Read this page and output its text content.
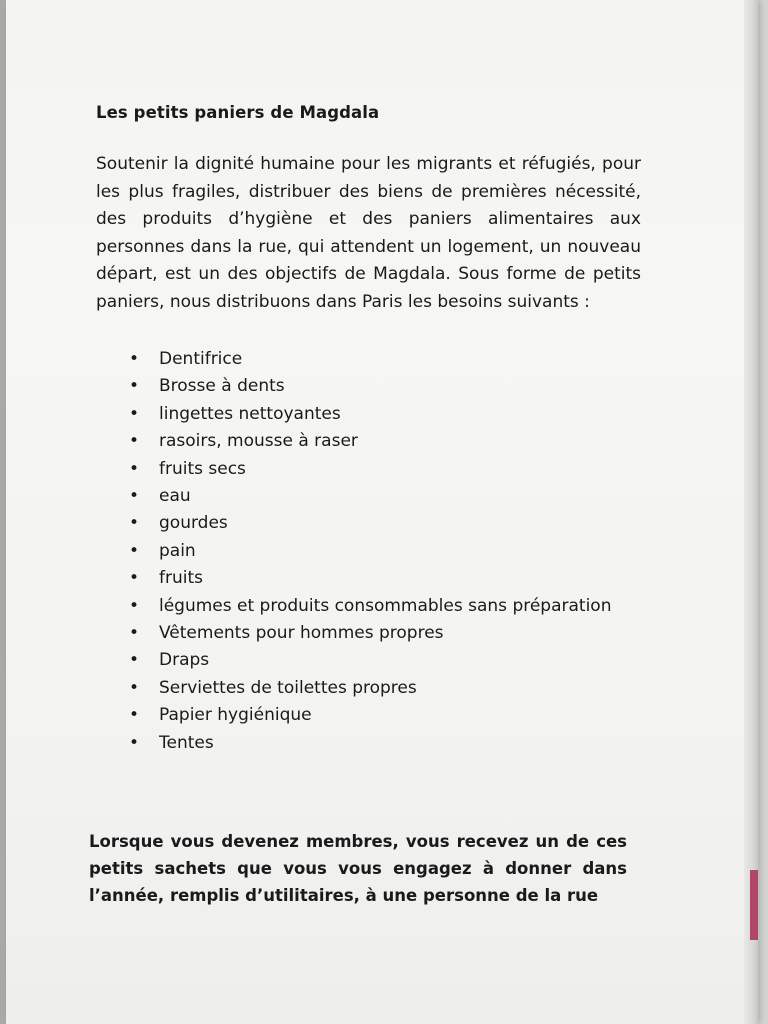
Les petits paniers de Magdala

Soutenir la dignité humaine pour les migrants et réfugiés, pour les plus fragiles, distribuer des biens de premières nécessité, des produits d’hygiène et des paniers alimentaires aux personnes dans la rue, qui attendent un logement, un nouveau départ, est un des objectifs de Magdala. Sous forme de petits paniers, nous distribuons dans Paris les besoins suivants :

• Dentifrice
• Brosse à dents
• lingettes nettoyantes
• rasoirs, mousse à raser
• fruits secs
• eau
• gourdes
• pain
• fruits
• légumes et produits consommables sans préparation
• Vêtements pour hommes propres
• Draps
• Serviettes de toilettes propres
• Papier hygiénique
• Tentes

Lorsque vous devenez membres, vous recevez un de ces petits sachets que vous vous engagez à donner dans l’année, remplis d’utilitaires, à une personne de la rue
